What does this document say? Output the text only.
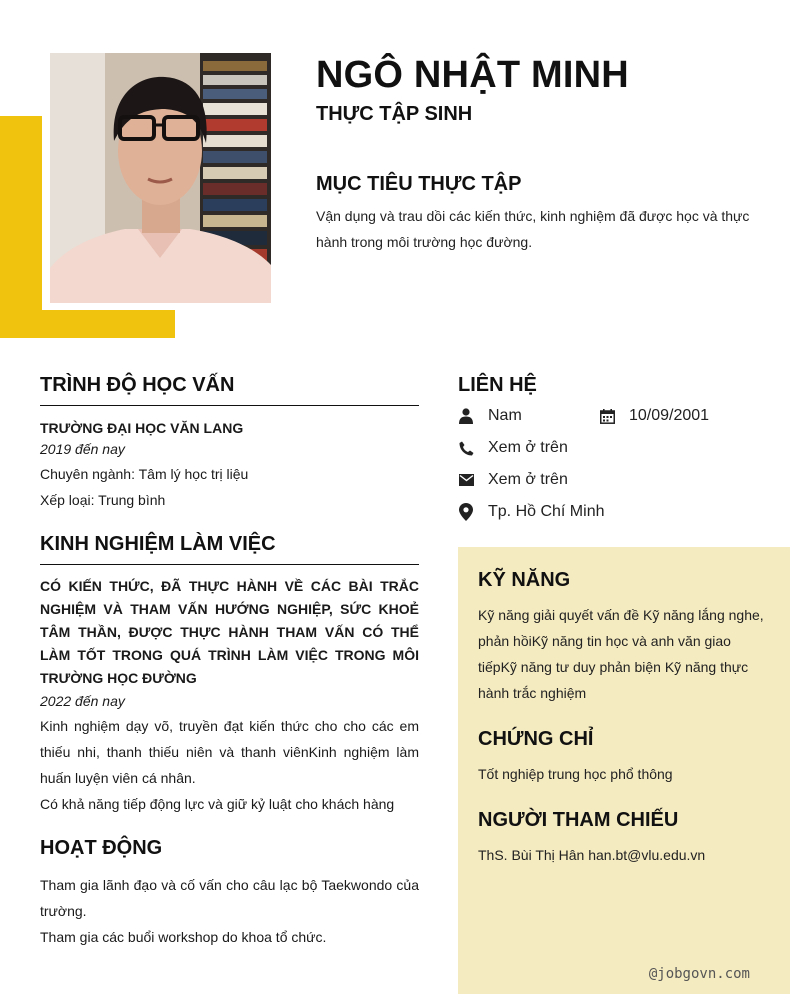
NGÔ NHẬT MINH
THỰC TẬP SINH
MỤC TIÊU THỰC TẬP
Vận dụng và trau dồi các kiến thức, kinh nghiệm đã được học và thực hành trong môi trường học đường.
TRÌNH ĐỘ HỌC VẤN
TRƯỜNG ĐẠI HỌC VĂN LANG
2019 đến nay
Chuyên ngành: Tâm lý học trị liệu
Xếp loại: Trung bình
KINH NGHIỆM LÀM VIỆC
CÓ KIẾN THỨC, ĐÃ THỰC HÀNH VỀ CÁC BÀI TRẮC NGHIỆM VÀ THAM VẤN HƯỚNG NGHIỆP, SỨC KHOẺ TÂM THẦN, ĐƯỢC THỰC HÀNH THAM VẤN CÓ THỂ LÀM TỐT TRONG QUÁ TRÌNH LÀM VIỆC TRONG MÔI TRƯỜNG HỌC ĐƯỜNG
2022 đến nay
Kinh nghiệm dạy võ, truyền đạt kiến thức cho cho các em thiếu nhi, thanh thiếu niên và thanh viênKinh nghiệm làm huấn luyện viên cá nhân.
Có khả năng tiếp động lực và giữ kỷ luật cho khách hàng
HOẠT ĐỘNG
Tham gia lãnh đạo và cố vấn cho câu lạc bộ Taekwondo của trường.
Tham gia các buổi workshop do khoa tổ chức.
LIÊN HỆ
Nam	10/09/2001
Xem ở trên
Xem ở trên
Tp. Hồ Chí Minh
KỸ NĂNG
Kỹ năng giải quyết vấn đề Kỹ năng lắng nghe, phản hồiKỹ năng tin học và anh văn giao tiếpKỹ năng tư duy phản biện Kỹ năng thực hành trắc nghiệm
CHỨNG CHỈ
Tốt nghiệp trung học phổ thông
NGƯỜI THAM CHIẾU
ThS. Bùi Thị Hân han.bt@vlu.edu.vn
@jobgovn.com
